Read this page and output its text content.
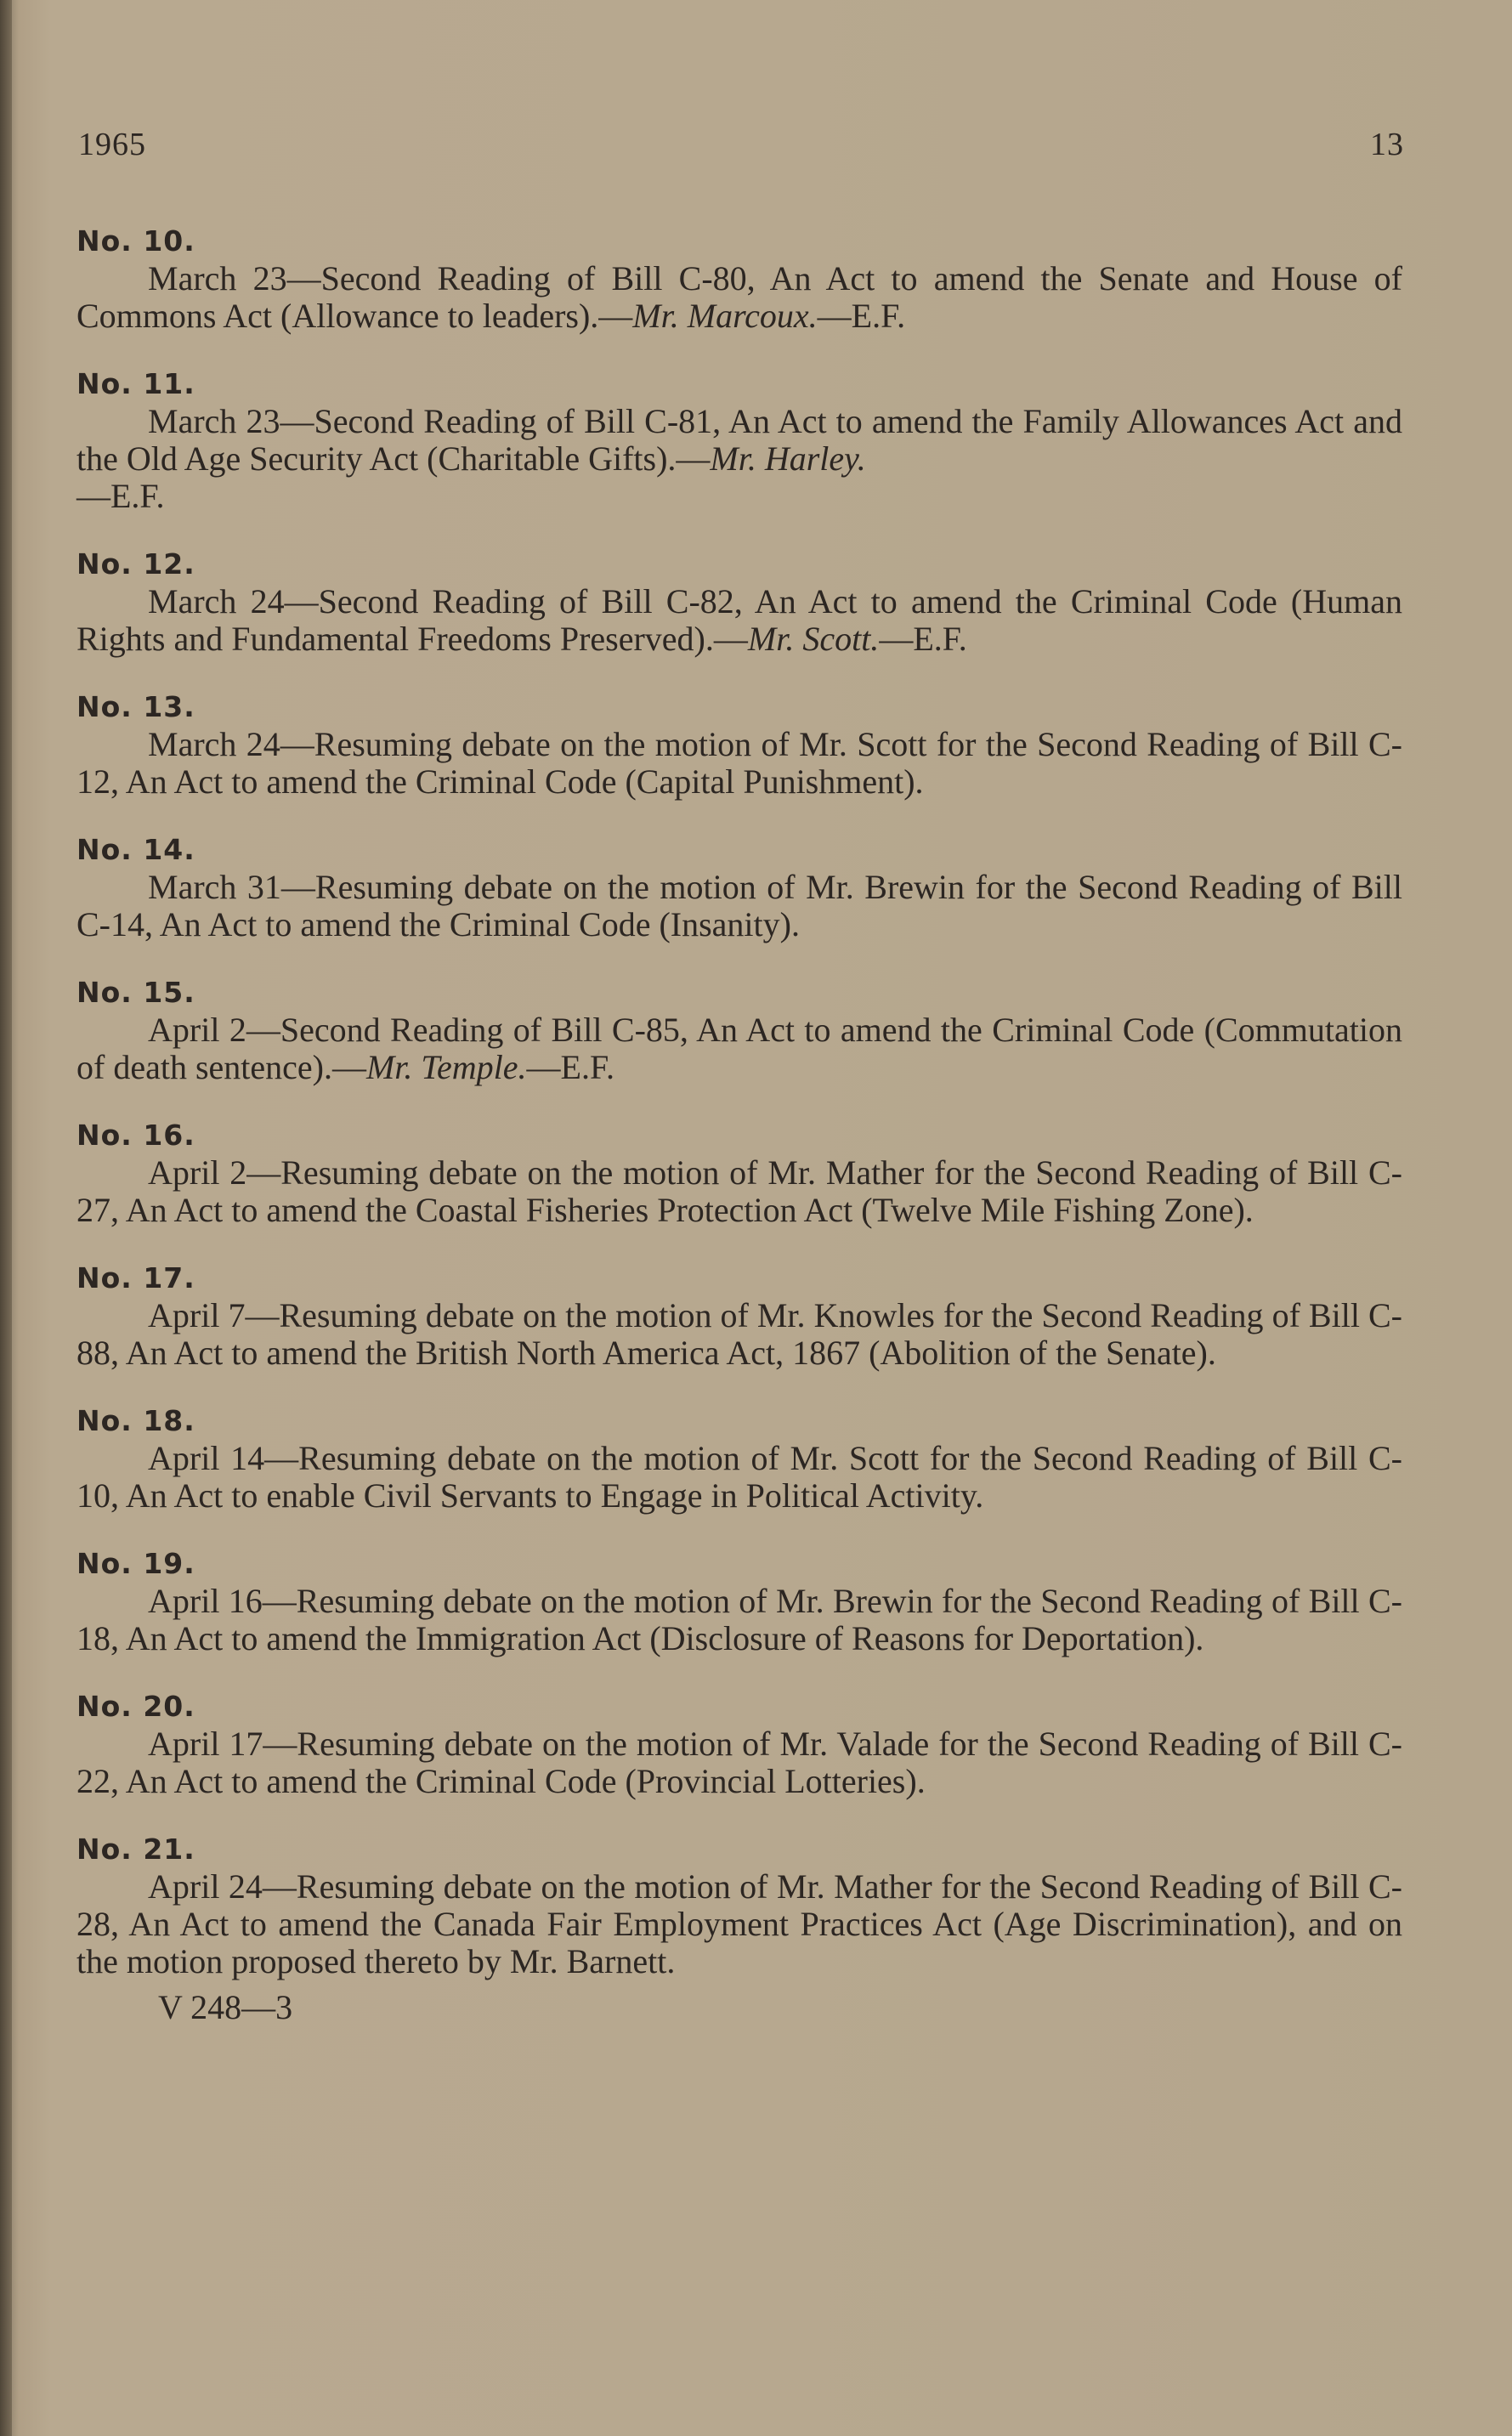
1965	13
No. 10.
March 23—Second Reading of Bill C-80, An Act to amend the Senate and House of Commons Act (Allowance to leaders).—Mr. Marcoux.—E.F.
No. 11.
March 23—Second Reading of Bill C-81, An Act to amend the Family Allowances Act and the Old Age Security Act (Charitable Gifts).—Mr. Harley.
—E.F.
No. 12.
March 24—Second Reading of Bill C-82, An Act to amend the Criminal Code (Human Rights and Fundamental Freedoms Preserved).—Mr. Scott.—E.F.
No. 13.
March 24—Resuming debate on the motion of Mr. Scott for the Second Reading of Bill C-12, An Act to amend the Criminal Code (Capital Punishment).
No. 14.
March 31—Resuming debate on the motion of Mr. Brewin for the Second Reading of Bill C-14, An Act to amend the Criminal Code (Insanity).
No. 15.
April 2—Second Reading of Bill C-85, An Act to amend the Criminal Code (Commutation of death sentence).—Mr. Temple.—E.F.
No. 16.
April 2—Resuming debate on the motion of Mr. Mather for the Second Reading of Bill C-27, An Act to amend the Coastal Fisheries Protection Act (Twelve Mile Fishing Zone).
No. 17.
April 7—Resuming debate on the motion of Mr. Knowles for the Second Reading of Bill C-88, An Act to amend the British North America Act, 1867 (Abolition of the Senate).
No. 18.
April 14—Resuming debate on the motion of Mr. Scott for the Second Reading of Bill C-10, An Act to enable Civil Servants to Engage in Political Activity.
No. 19.
April 16—Resuming debate on the motion of Mr. Brewin for the Second Reading of Bill C-18, An Act to amend the Immigration Act (Disclosure of Reasons for Deportation).
No. 20.
April 17—Resuming debate on the motion of Mr. Valade for the Second Reading of Bill C-22, An Act to amend the Criminal Code (Provincial Lotteries).
No. 21.
April 24—Resuming debate on the motion of Mr. Mather for the Second Reading of Bill C-28, An Act to amend the Canada Fair Employment Practices Act (Age Discrimination), and on the motion proposed thereto by Mr. Barnett.
V 248—3
